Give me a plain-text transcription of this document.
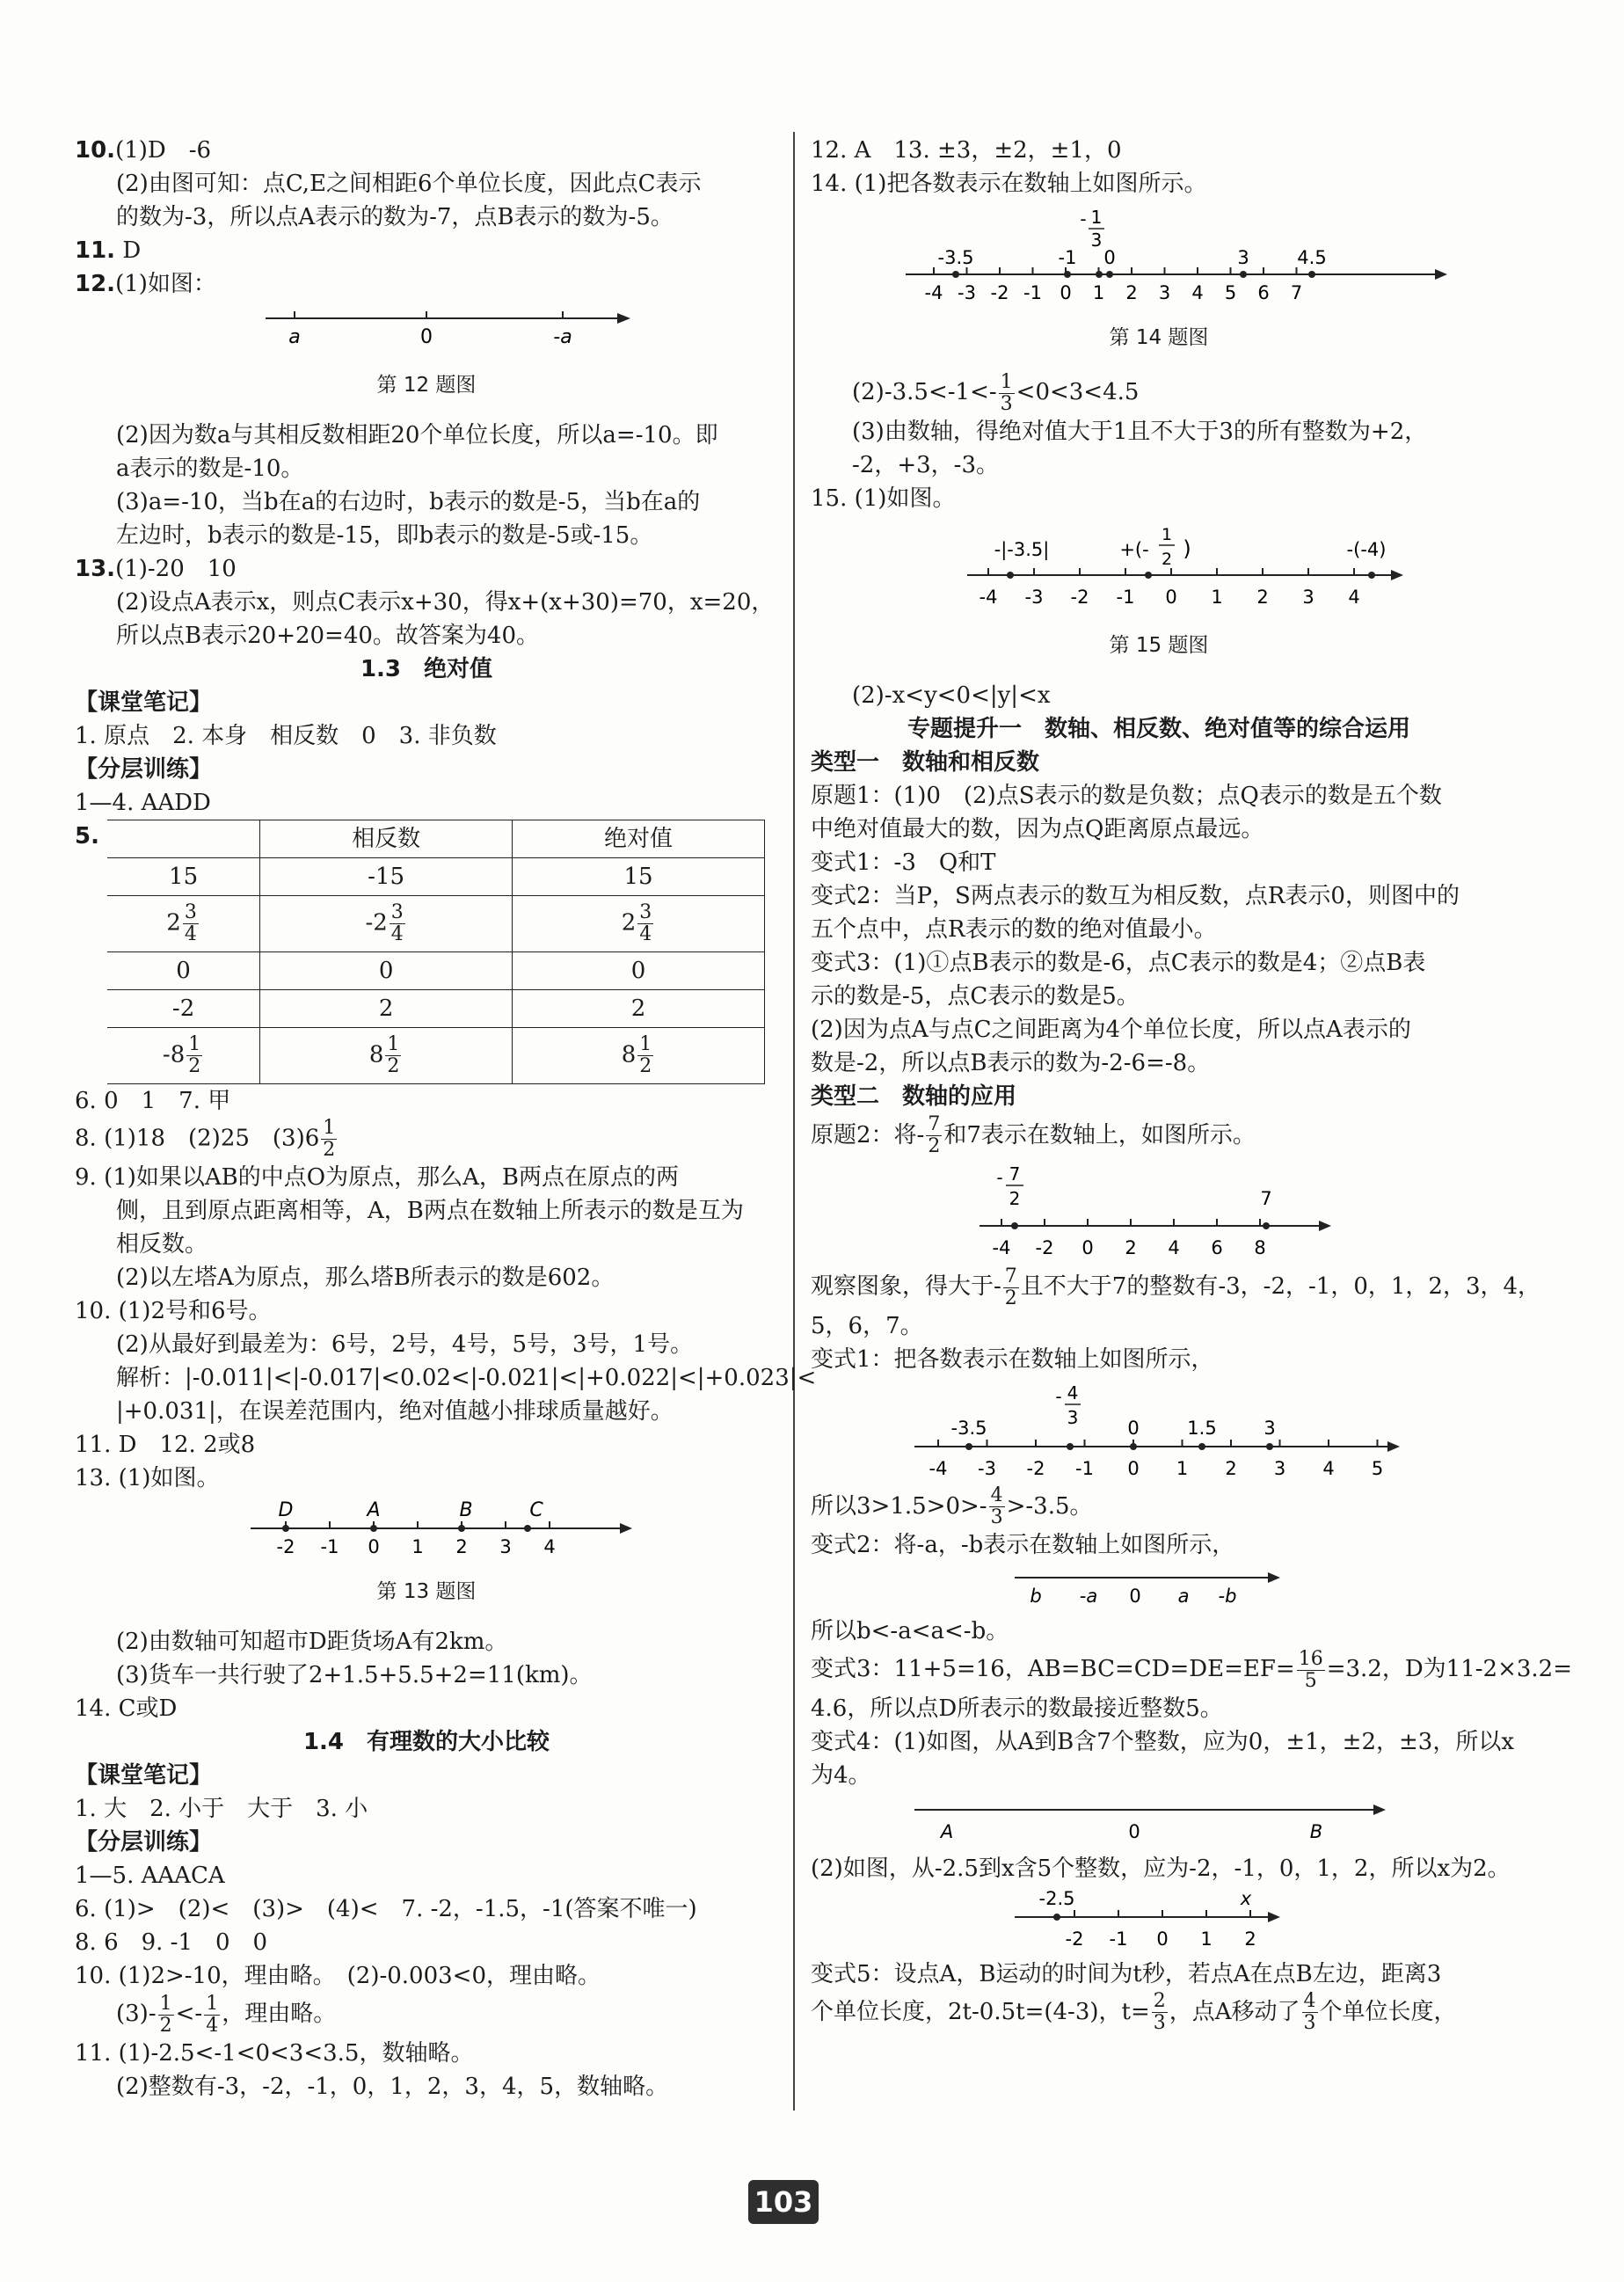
10.(1)D　-6

(2)由图可知：点C,E之间相距6个单位长度，因此点C表示

的数为-3，所以点A表示的数为-7，点B表示的数为-5。

11. D

12.(1)如图：

a	0	-a

第 12 题图

(2)因为数a与其相反数相距20个单位长度，所以a=-10。即

a表示的数是-10。

(3)a=-10，当b在a的右边时，b表示的数是-5，当b在a的

左边时，b表示的数是-15，即b表示的数是-5或-15。

13.(1)-20　10

(2)设点A表示x，则点C表示x+30，得x+(x+30)=70，x=20，

所以点B表示20+20=40。故答案为40。

1.3　绝对值

【课堂笔记】

1. 原点　2. 本身　相反数　0　3. 非负数

【分层训练】

1—4. AADD

5.
		相反数	绝对值
15	-15	15
$2 \frac{3}{4}$	$-2 \frac{3}{4}$	$2 \frac{3}{4}$

0	0	0
-2	2	2
$-8 \frac{1}{2}$	$8 \frac{1}{2}$	$8 \frac{1}{2}$

6. 0　1　7. 甲

8. (1)18　(2)25　$(3)6 \frac{1}{2}$

9. (1)如果以AB的中点O为原点，那么A，B两点在原点的两

侧，且到原点距离相等，A，B两点在数轴上所表示的数是互为

相反数。

(2)以左塔A为原点，那么塔B所表示的数是602。

10. (1)2号和6号。

(2)从最好到最差为：6号，2号，4号，5号，3号，1号。

解析：|-0.011|<|-0.017|<0.02<|-0.021|<|+0.022|<|+0.023|<

|+0.031|，在误差范围内，绝对值越小排球质量越好。

11. D　12. 2或8

13. (1)如图。

D	A	B	C
-2 -1 0 1 2 3 4

第 13 题图

(2)由数轴可知超市D距货场A有2km。

(3)货车一共行驶了2+1.5+5.5+2=11(km)。

14. C或D

1.4　有理数的大小比较

【课堂笔记】

1. 大　2. 小于　大于　3. 小

【分层训练】

1—5. AAACA

6. (1)>　(2)<　(3)>　(4)<　7. -2，-1.5，-1(答案不唯一)

8. 6　9. -1　0　0

10. (1)2>-10，理由略。　(2)-0.003<0，理由略。

$(3)- \frac{1}{2} <- \frac{1}{4}$ ，理由略。

11. (1)-2.5<-1<0<3<3.5，数轴略。

(2)整数有-3，-2，-1，0，1，2，3，4，5，数轴略。

12. A　13. ±3，±2，±1，0

14. (1)把各数表示在数轴上如图所示。

- 1
3
-3.5	-1 0	3	4.5
-4 -3 -2 -1 0 1 2 3 4 5 6 7

第 14 题图

$(2)-3.5<-1<- \frac{1}{3} <0<3<4.5$

(3)由数轴，得绝对值大于1且不大于3的所有整数为+2，

-2，+3，-3。

15. (1)如图。

-|-3.5|	+(-
1
2 )	-(-4)
-4 -3 -2 -1 0 1 2 3 4

第 15 题图

(2)-x<y<0<|y|<x

专题提升一　数轴、相反数、绝对值等的综合运用

类型一　数轴和相反数

原题1：(1)0　(2)点S表示的数是负数；点Q表示的数是五个数

中绝对值最大的数，因为点Q距离原点最远。

变式1：-3　Q和T

变式2：当P，S两点表示的数互为相反数，点R表示0，则图中的

五个点中，点R表示的数的绝对值最小。

变式3：(1)①点B表示的数是-6，点C表示的数是4；②点B表

示的数是-5，点C表示的数是5。

(2)因为点A与点C之间距离为4个单位长度，所以点A表示的

数是-2，所以点B表示的数为-2-6=-8。

类型二　数轴的应用

原题2：将- $\frac{7}{2}$ 和7表示在数轴上，如图所示。

- 7
2	7
-4 -2 0 2 4 6 8

观察图象，得大于- $\frac{7}{2}$ 且不大于7的整数有-3，-2，-1，0，1，2，3，4，

5，6，7。

变式1：把各数表示在数轴上如图所示，

-3.5
- 4
3	0	1.5	3
-4 -3 -2 -1 0 1 2 3 4 5

所以$3>1.5>0>- \frac{4}{3} >-3.5$。

变式2：将-a，-b表示在数轴上如图所示，

b -a 0 a -b

所以b<-a<a<-b。

变式3：11+5=16，$AB=BC=CD=DE=EF= \frac{16}{5} =3.2$，D为11-2×3.2=

4.6，所以点D所表示的数最接近整数5。

变式4：(1)如图，从A到B含7个整数，应为0，±1，±2，±3，所以x

为4。

A	0	B

(2)如图，从-2.5到x含5个整数，应为-2，-1，0，1，2，所以x为2。

-2.5	x
-2 -1 0 1 2

变式5：设点A，B运动的时间为t秒，若点A在点B左边，距离3

个单位长度，2t-0.5t=(4-3)，$t= \frac{2}{3}$ ，点A移动了 $\frac{4}{3}$ 个单位长度，

103
